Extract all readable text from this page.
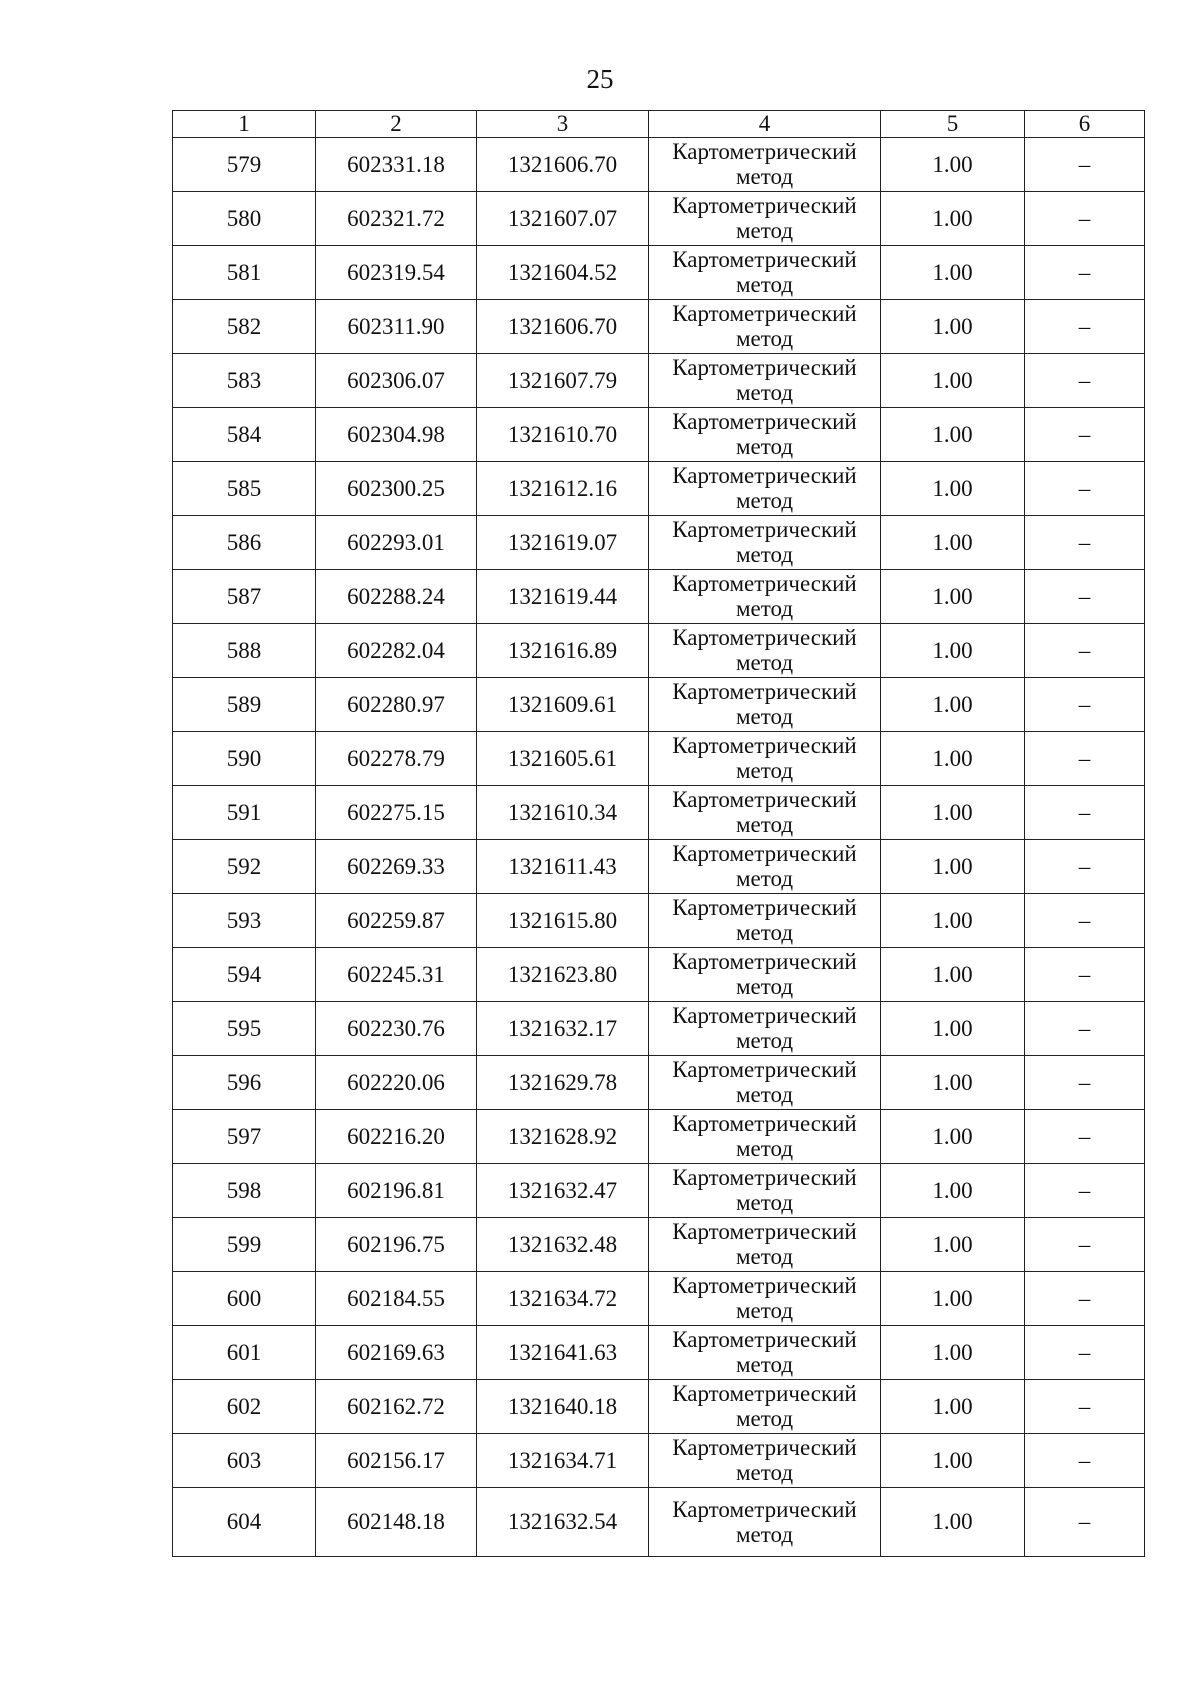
25
1	2	3	4	5	6
579	602331.18	1321606.70	Картометрический метод	1.00	–
580	602321.72	1321607.07	Картометрический метод	1.00	–
581	602319.54	1321604.52	Картометрический метод	1.00	–
582	602311.90	1321606.70	Картометрический метод	1.00	–
583	602306.07	1321607.79	Картометрический метод	1.00	–
584	602304.98	1321610.70	Картометрический метод	1.00	–
585	602300.25	1321612.16	Картометрический метод	1.00	–
586	602293.01	1321619.07	Картометрический метод	1.00	–
587	602288.24	1321619.44	Картометрический метод	1.00	–
588	602282.04	1321616.89	Картометрический метод	1.00	–
589	602280.97	1321609.61	Картометрический метод	1.00	–
590	602278.79	1321605.61	Картометрический метод	1.00	–
591	602275.15	1321610.34	Картометрический метод	1.00	–
592	602269.33	1321611.43	Картометрический метод	1.00	–
593	602259.87	1321615.80	Картометрический метод	1.00	–
594	602245.31	1321623.80	Картометрический метод	1.00	–
595	602230.76	1321632.17	Картометрический метод	1.00	–
596	602220.06	1321629.78	Картометрический метод	1.00	–
597	602216.20	1321628.92	Картометрический метод	1.00	–
598	602196.81	1321632.47	Картометрический метод	1.00	–
599	602196.75	1321632.48	Картометрический метод	1.00	–
600	602184.55	1321634.72	Картометрический метод	1.00	–
601	602169.63	1321641.63	Картометрический метод	1.00	–
602	602162.72	1321640.18	Картометрический метод	1.00	–
603	602156.17	1321634.71	Картометрический метод	1.00	–
604	602148.18	1321632.54	Картометрический метод	1.00	–
